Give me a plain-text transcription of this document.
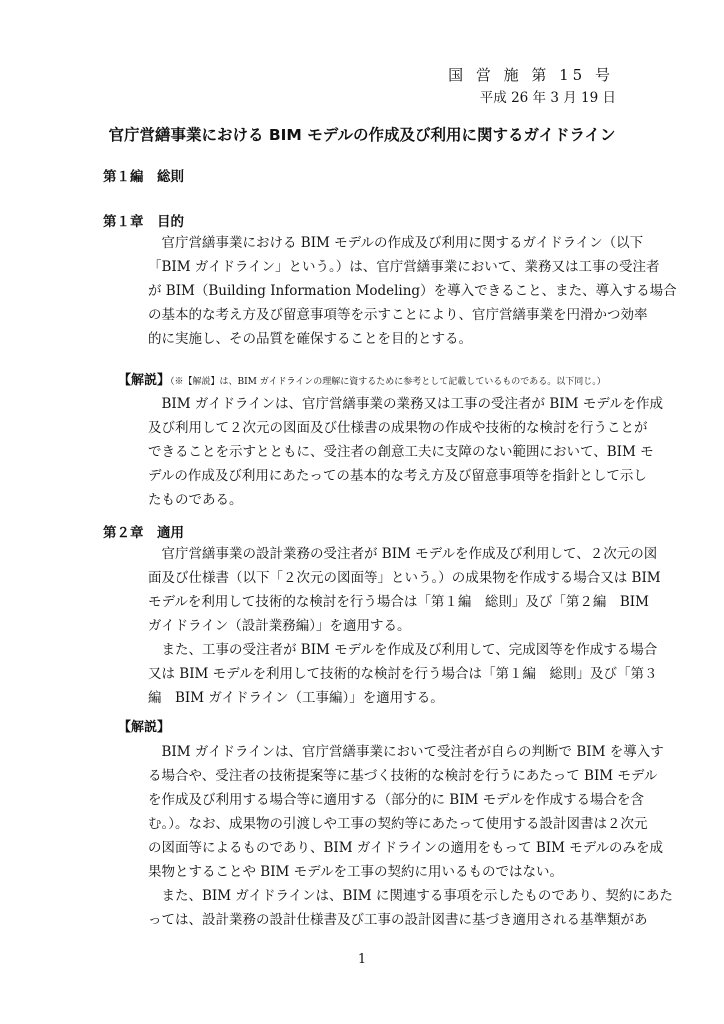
国 営 施 第 15 号
平成 26 年 3 月 19 日
官庁営繕事業における BIM モデルの作成及び利用に関するガイドライン
第１編　総則
第１章　目的
　官庁営繕事業における BIM モデルの作成及び利用に関するガイドライン（以下
「BIM ガイドライン」という。）は、官庁営繕事業において、業務又は工事の受注者
が BIM（Building Information Modeling）を導入できること、また、導入する場合
の基本的な考え方及び留意事項等を示すことにより、官庁営繕事業を円滑かつ効率
的に実施し、その品質を確保することを目的とする。
【解説】（※【解説】は、BIM ガイドラインの理解に資するために参考として記載しているものである。以下同じ。）
　BIM ガイドラインは、官庁営繕事業の業務又は工事の受注者が BIM モデルを作成
及び利用して２次元の図面及び仕様書の成果物の作成や技術的な検討を行うことが
できることを示すとともに、受注者の創意工夫に支障のない範囲において、BIM モ
デルの作成及び利用にあたっての基本的な考え方及び留意事項等を指針として示し
たものである。
第２章　適用
　官庁営繕事業の設計業務の受注者が BIM モデルを作成及び利用して、２次元の図
面及び仕様書（以下「２次元の図面等」という。）の成果物を作成する場合又は BIM
モデルを利用して技術的な検討を行う場合は「第１編　総則」及び「第２編　BIM
ガイドライン（設計業務編）」を適用する。
　また、工事の受注者が BIM モデルを作成及び利用して、完成図等を作成する場合
又は BIM モデルを利用して技術的な検討を行う場合は「第１編　総則」及び「第３
編　BIM ガイドライン（工事編）」を適用する。
【解説】
　BIM ガイドラインは、官庁営繕事業において受注者が自らの判断で BIM を導入す
る場合や、受注者の技術提案等に基づく技術的な検討を行うにあたって BIM モデル
を作成及び利用する場合等に適用する（部分的に BIM モデルを作成する場合を含
む。）。なお、成果物の引渡しや工事の契約等にあたって使用する設計図書は２次元
の図面等によるものであり、BIM ガイドラインの適用をもって BIM モデルのみを成
果物とすることや BIM モデルを工事の契約に用いるものではない。
　また、BIM ガイドラインは、BIM に関連する事項を示したものであり、契約にあた
っては、設計業務の設計仕様書及び工事の設計図書に基づき適用される基準類があ
1
